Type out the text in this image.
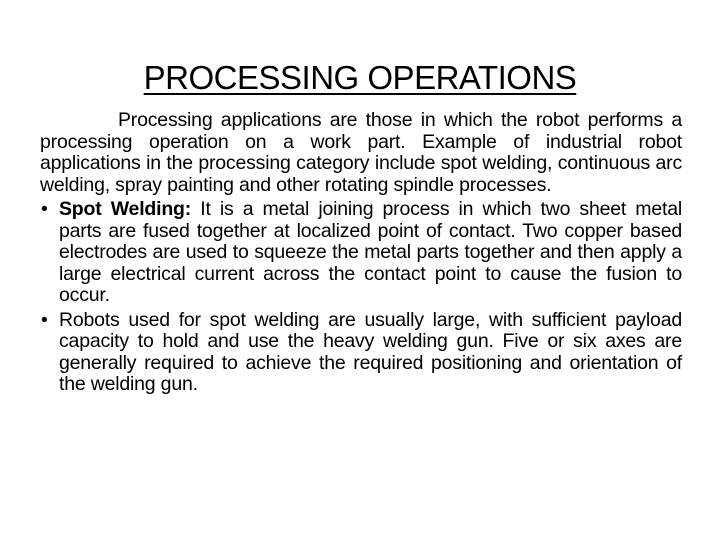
PROCESSING OPERATIONS

Processing applications are those in which the robot performs a processing operation on a work part. Example of industrial robot applications in the processing category include spot welding, continuous arc welding, spray painting and other rotating spindle processes.

• Spot Welding: It is a metal joining process in which two sheet metal parts are fused together at localized point of contact. Two copper based electrodes are used to squeeze the metal parts together and then apply a large electrical current across the contact point to cause the fusion to occur.
• Robots used for spot welding are usually large, with sufficient payload capacity to hold and use the heavy welding gun. Five or six axes are generally required to achieve the required positioning and orientation of the welding gun.
